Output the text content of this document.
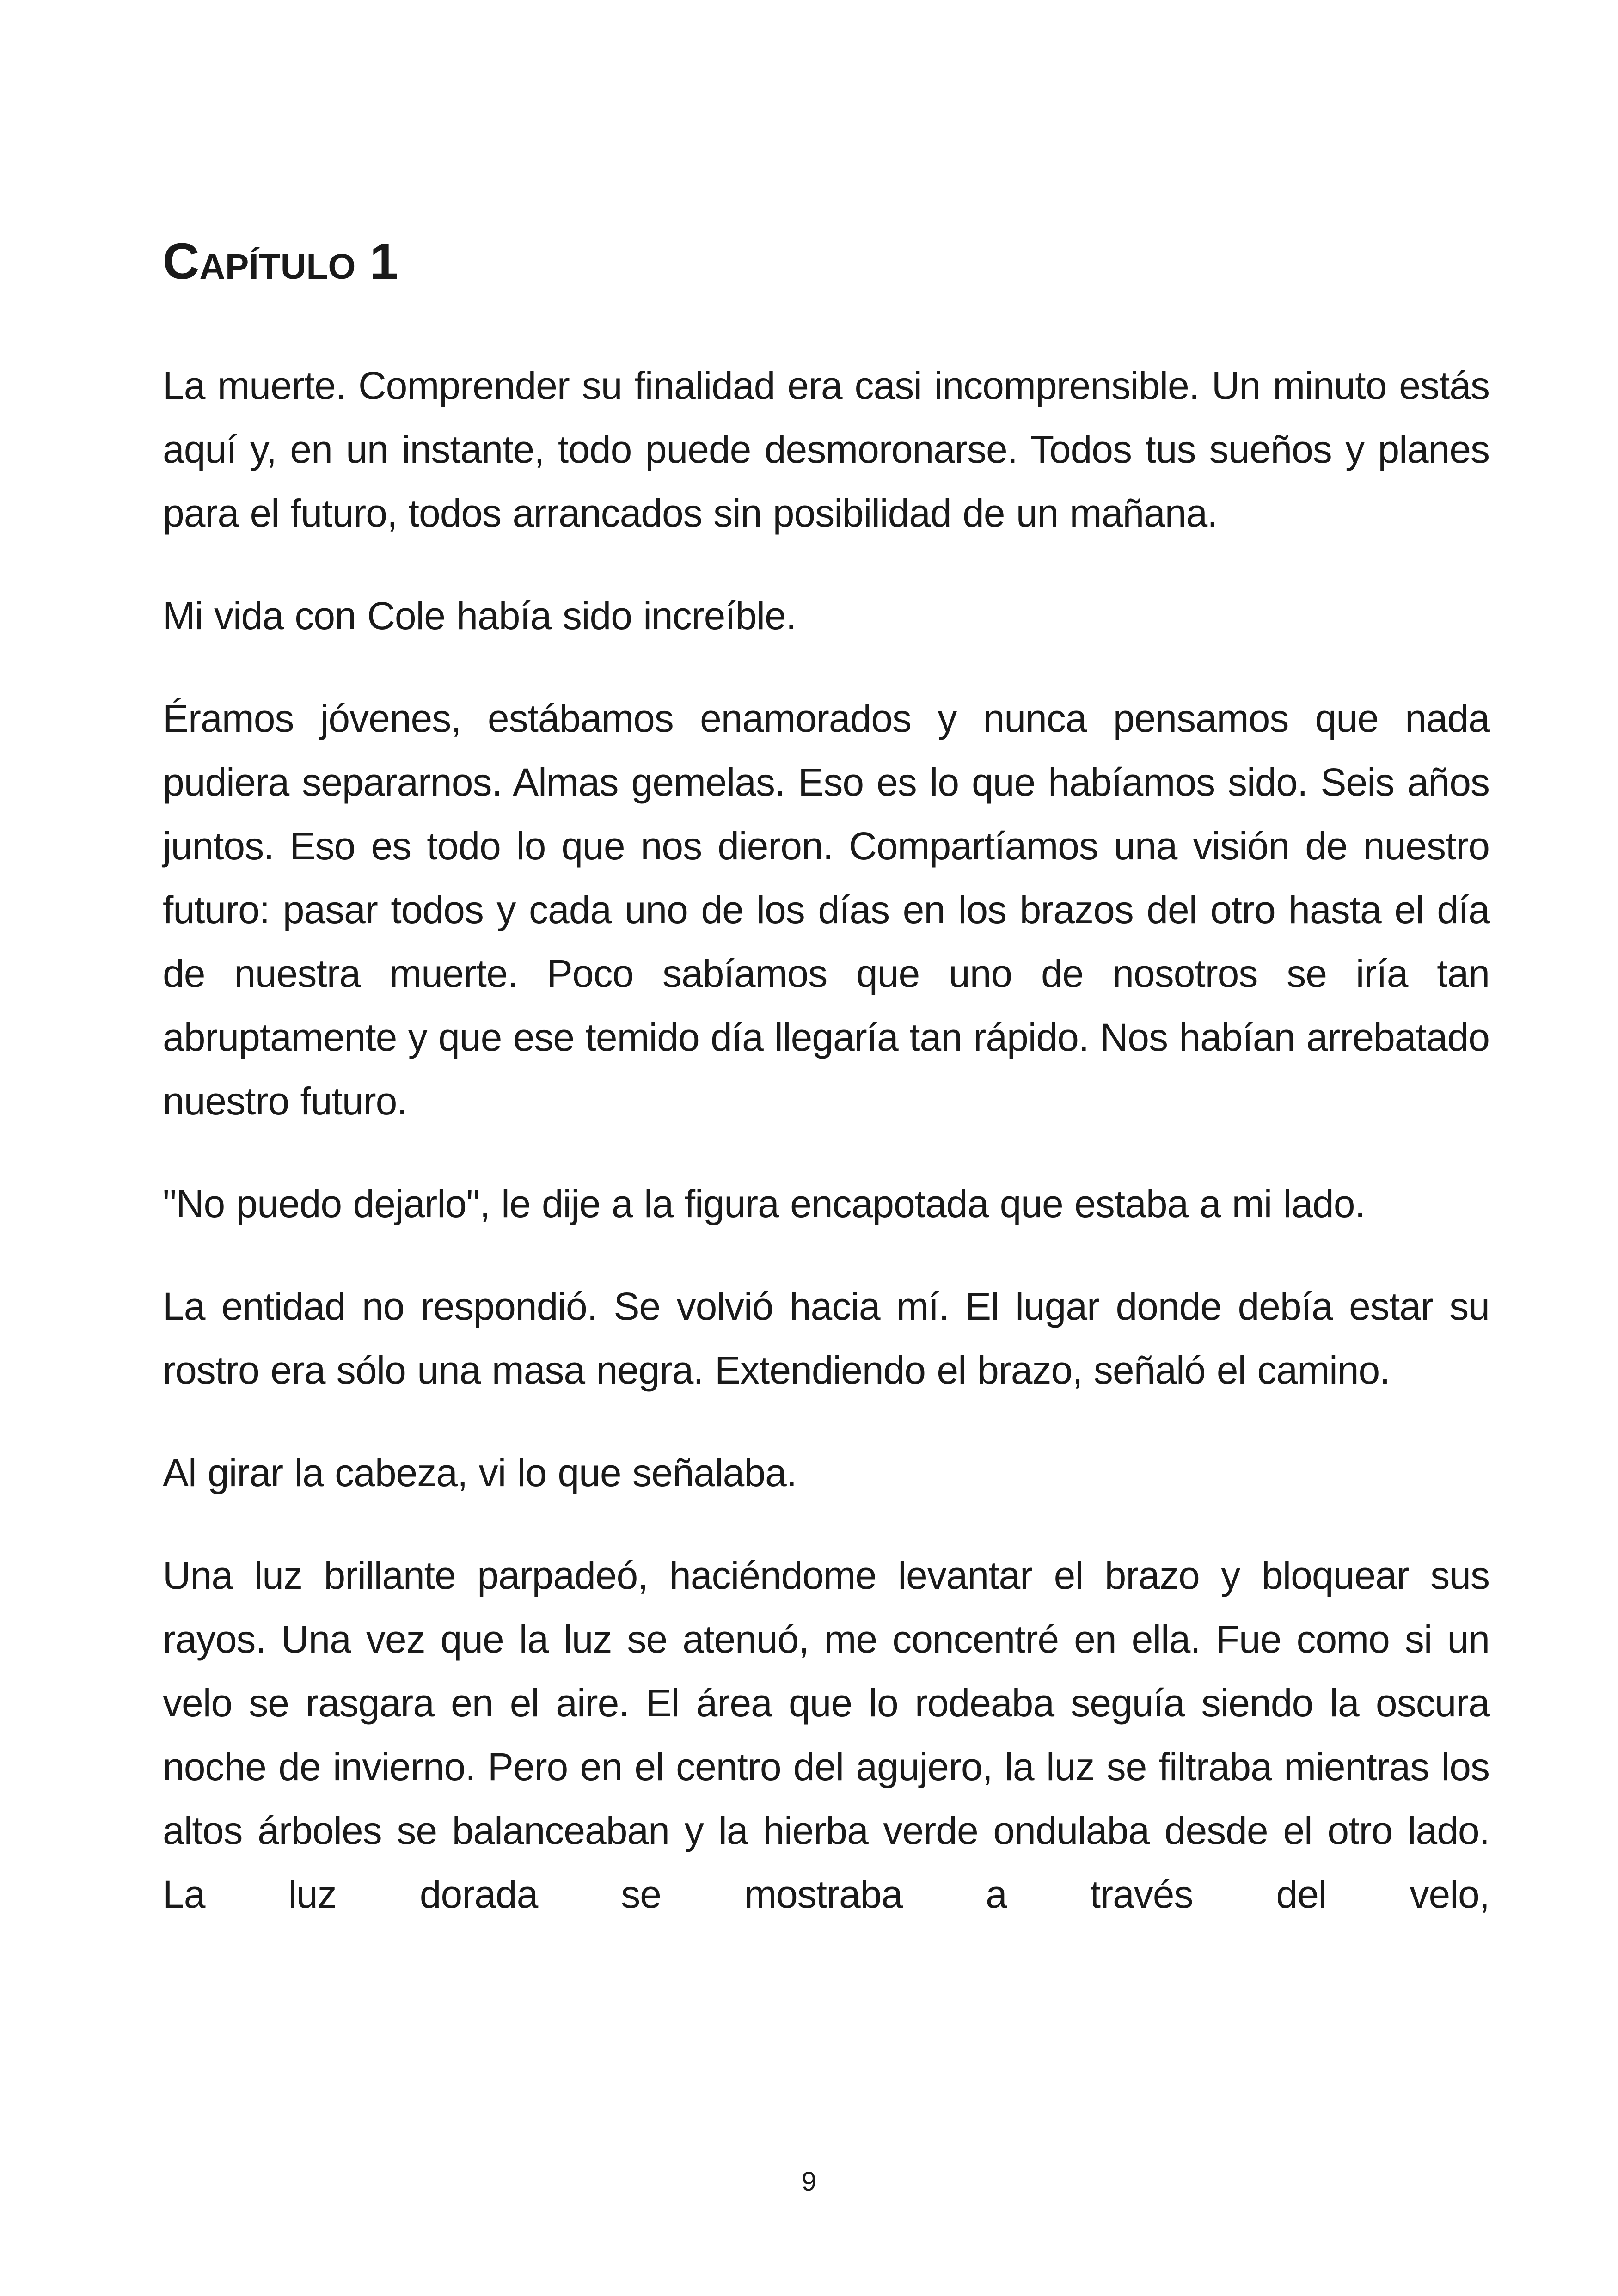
Capítulo 1

La muerte. Comprender su finalidad era casi incomprensible. Un minuto estás aquí y, en un instante, todo puede desmoronarse. Todos tus sueños y planes para el futuro, todos arrancados sin posibilidad de un mañana.

Mi vida con Cole había sido increíble.

Éramos jóvenes, estábamos enamorados y nunca pensamos que nada pudiera separarnos. Almas gemelas. Eso es lo que habíamos sido. Seis años juntos. Eso es todo lo que nos dieron. Compartíamos una visión de nuestro futuro: pasar todos y cada uno de los días en los brazos del otro hasta el día de nuestra muerte. Poco sabíamos que uno de nosotros se iría tan abruptamente y que ese temido día llegaría tan rápido. Nos habían arrebatado nuestro futuro.

"No puedo dejarlo", le dije a la figura encapotada que estaba a mi lado.

La entidad no respondió. Se volvió hacia mí. El lugar donde debía estar su rostro era sólo una masa negra. Extendiendo el brazo, señaló el camino.

Al girar la cabeza, vi lo que señalaba.

Una luz brillante parpadeó, haciéndome levantar el brazo y bloquear sus rayos. Una vez que la luz se atenuó, me concentré en ella. Fue como si un velo se rasgara en el aire. El área que lo rodeaba seguía siendo la oscura noche de invierno. Pero en el centro del agujero, la luz se filtraba mientras los altos árboles se balanceaban y la hierba verde ondulaba desde el otro lado. La luz dorada se mostraba a través del velo,

9
